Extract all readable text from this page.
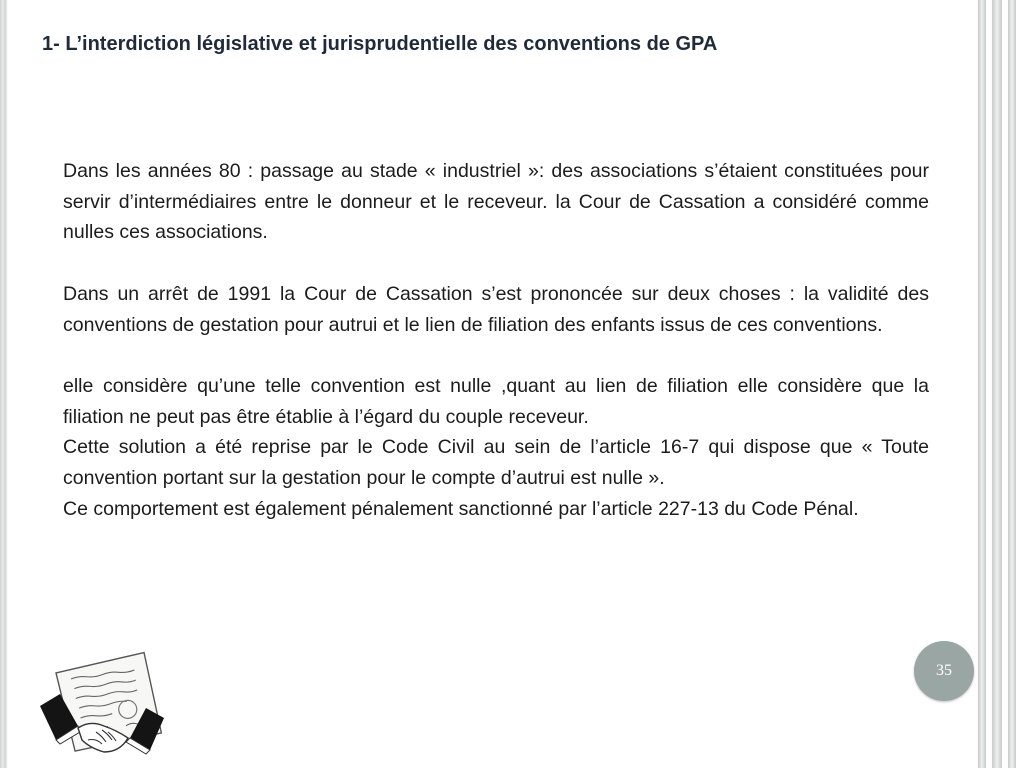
1- L’interdiction législative et jurisprudentielle des conventions de GPA

Dans les années 80 : passage au stade « industriel »: des associations s’étaient constituées pour servir d’intermédiaires entre le donneur et le receveur. la Cour de Cassation a considéré comme nulles ces associations.

Dans un arrêt de 1991 la Cour de Cassation s’est prononcée sur deux choses : la validité des conventions de gestation pour autrui et le lien de filiation des enfants issus de ces conventions.

elle considère qu’une telle convention est nulle ,quant au lien de filiation elle considère que la filiation ne peut pas être établie à l’égard du couple receveur.

Cette solution a été reprise par le Code Civil au sein de l’article 16-7 qui dispose que « Toute convention portant sur la gestation pour le compte d’autrui est nulle ».

Ce comportement est également pénalement sanctionné par l’article 227-13 du Code Pénal.

35
